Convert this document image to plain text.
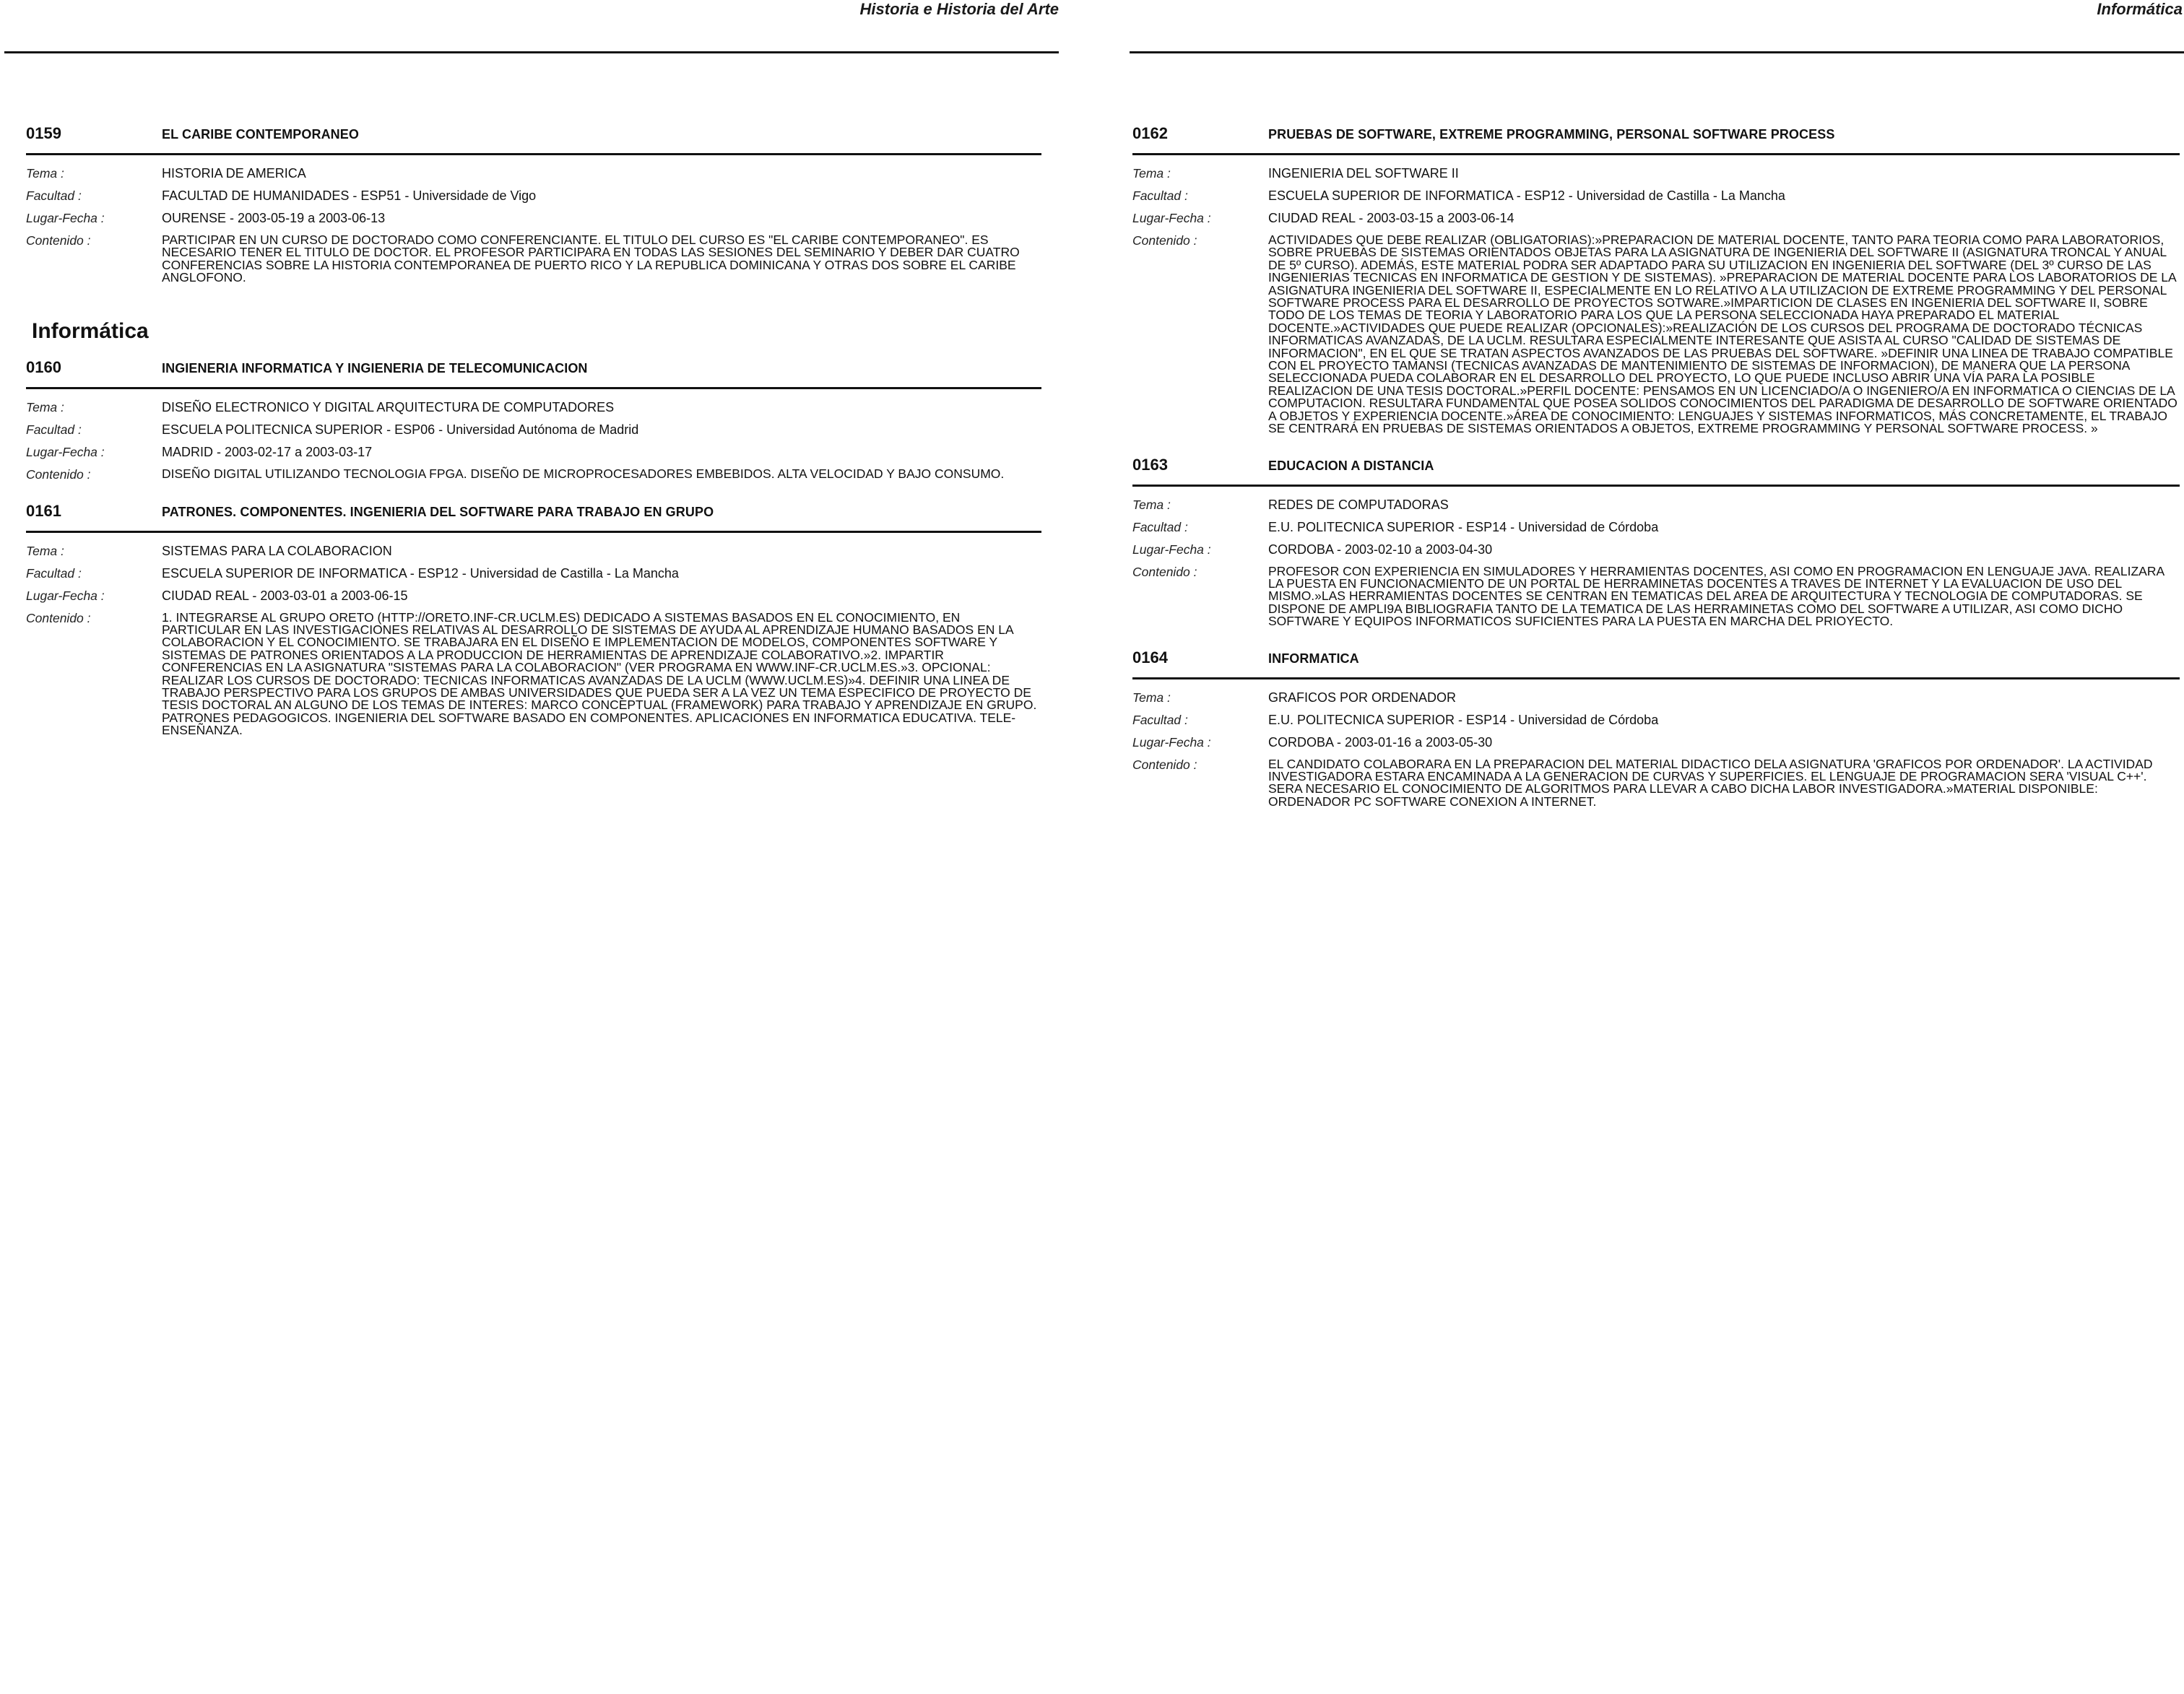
Historia e Historia del Arte
0159	EL CARIBE CONTEMPORANEO
Tema :	HISTORIA DE AMERICA
Facultad :	FACULTAD DE HUMANIDADES - ESP51 - Universidade de Vigo
Lugar-Fecha :	OURENSE - 2003-05-19 a 2003-06-13
Contenido :	PARTICIPAR EN UN CURSO DE DOCTORADO COMO CONFERENCIANTE. EL TITULO DEL CURSO ES "EL CARIBE CONTEMPORANEO". ES NECESARIO TENER EL TITULO DE DOCTOR. EL PROFESOR PARTICIPARA EN TODAS LAS SESIONES DEL SEMINARIO Y DEBER DAR CUATRO CONFERENCIAS SOBRE LA HISTORIA CONTEMPORANEA DE PUERTO RICO Y LA REPUBLICA DOMINICANA Y OTRAS DOS SOBRE EL CARIBE ANGLOFONO.
Informática
0160	INGIENERIA INFORMATICA Y INGIENERIA DE TELECOMUNICACION
Tema :	DISEÑO ELECTRONICO Y DIGITAL ARQUITECTURA DE COMPUTADORES
Facultad :	ESCUELA POLITECNICA SUPERIOR - ESP06 - Universidad Autónoma de Madrid
Lugar-Fecha :	MADRID - 2003-02-17 a 2003-03-17
Contenido :	DISEÑO DIGITAL UTILIZANDO TECNOLOGIA FPGA. DISEÑO DE MICROPROCESADORES EMBEBIDOS. ALTA VELOCIDAD Y BAJO CONSUMO.
0161	PATRONES. COMPONENTES. INGENIERIA DEL SOFTWARE PARA TRABAJO EN GRUPO
Tema :	SISTEMAS PARA LA COLABORACION
Facultad :	ESCUELA SUPERIOR DE INFORMATICA - ESP12 - Universidad de Castilla - La Mancha
Lugar-Fecha :	CIUDAD REAL - 2003-03-01 a 2003-06-15
Contenido :	1. INTEGRARSE AL GRUPO ORETO (HTTP://ORETO.INF-CR.UCLM.ES) DEDICADO A SISTEMAS BASADOS EN EL CONOCIMIENTO, EN PARTICULAR EN LAS INVESTIGACIONES RELATIVAS AL DESARROLLO DE SISTEMAS DE AYUDA AL APRENDIZAJE HUMANO BASADOS EN LA COLABORACION Y EL CONOCIMIENTO. SE TRABAJARA EN EL DISEÑO E IMPLEMENTACION DE MODELOS, COMPONENTES SOFTWARE Y SISTEMAS DE PATRONES ORIENTADOS A LA PRODUCCION DE HERRAMIENTAS DE APRENDIZAJE COLABORATIVO.»2. IMPARTIR CONFERENCIAS EN LA ASIGNATURA "SISTEMAS PARA LA COLABORACION" (VER PROGRAMA EN WWW.INF-CR.UCLM.ES.»3. OPCIONAL: REALIZAR LOS CURSOS DE DOCTORADO: TECNICAS INFORMATICAS AVANZADAS DE LA UCLM (WWW.UCLM.ES)»4. DEFINIR UNA LINEA DE TRABAJO PERSPECTIVO PARA LOS GRUPOS DE AMBAS UNIVERSIDADES QUE PUEDA SER A LA VEZ UN TEMA ESPECIFICO DE PROYECTO DE TESIS DOCTORAL AN ALGUNO DE LOS TEMAS DE INTERES: MARCO CONCEPTUAL (FRAMEWORK) PARA TRABAJO Y APRENDIZAJE EN GRUPO. PATRONES PEDAGOGICOS. INGENIERIA DEL SOFTWARE BASADO EN COMPONENTES. APLICACIONES EN INFORMATICA EDUCATIVA. TELE-ENSEÑANZA.
Informática
0162	PRUEBAS DE SOFTWARE, EXTREME PROGRAMMING, PERSONAL SOFTWARE PROCESS
Tema :	INGENIERIA DEL SOFTWARE II
Facultad :	ESCUELA SUPERIOR DE INFORMATICA - ESP12 - Universidad de Castilla - La Mancha
Lugar-Fecha :	CIUDAD REAL - 2003-03-15 a 2003-06-14
Contenido :	ACTIVIDADES QUE DEBE REALIZAR (OBLIGATORIAS):»PREPARACION DE MATERIAL DOCENTE, TANTO PARA TEORIA COMO PARA LABORATORIOS, SOBRE PRUEBAS DE SISTEMAS ORIENTADOS OBJETAS PARA LA ASIGNATURA DE INGENIERIA DEL SOFTWARE II (ASIGNATURA TRONCAL Y ANUAL DE 5º CURSO). ADEMÁS, ESTE MATERIAL PODRA SER ADAPTADO PARA SU UTILIZACION EN INGENIERIA DEL SOFTWARE (DEL 3º CURSO DE LAS INGENIERIAS TECNICAS EN INFORMATICA DE GESTION Y DE SISTEMAS). »PREPARACION DE MATERIAL DOCENTE PARA LOS LABORATORIOS DE LA ASIGNATURA INGENIERIA DEL SOFTWARE II, ESPECIALMENTE EN LO RELATIVO A LA UTILIZACION DE EXTREME PROGRAMMING Y DEL PERSONAL SOFTWARE PROCESS PARA EL DESARROLLO DE PROYECTOS SOTWARE.»IMPARTICION DE CLASES EN INGENIERIA DEL SOFTWARE II, SOBRE TODO DE LOS TEMAS DE TEORIA Y LABORATORIO PARA LOS QUE LA PERSONA SELECCIONADA HAYA PREPARADO EL MATERIAL DOCENTE.»ACTIVIDADES QUE PUEDE REALIZAR (OPCIONALES):»REALIZACIÓN DE LOS CURSOS DEL PROGRAMA DE DOCTORADO TÉCNICAS INFORMATICAS AVANZADAS, DE LA UCLM. RESULTARA ESPECIALMENTE INTERESANTE QUE ASISTA AL CURSO "CALIDAD DE SISTEMAS DE INFORMACION", EN EL QUE SE TRATAN ASPECTOS AVANZADOS DE LAS PRUEBAS DEL SOFTWARE. »DEFINIR UNA LINEA DE TRABAJO COMPATIBLE CON EL PROYECTO TAMANSI (TECNICAS AVANZADAS DE MANTENIMIENTO DE SISTEMAS DE INFORMACION), DE MANERA QUE LA PERSONA SELECCIONADA PUEDA COLABORAR EN EL DESARROLLO DEL PROYECTO, LO QUE PUEDE INCLUSO ABRIR UNA VÍA PARA LA POSIBLE REALIZACION DE UNA TESIS DOCTORAL.»PERFIL DOCENTE: PENSAMOS EN UN LICENCIADO/A O INGENIERO/A EN INFORMATICA O CIENCIAS DE LA COMPUTACION. RESULTARA FUNDAMENTAL QUE POSEA SOLIDOS CONOCIMIENTOS DEL PARADIGMA DE DESARROLLO DE SOFTWARE ORIENTADO A OBJETOS Y EXPERIENCIA DOCENTE.»ÁREA DE CONOCIMIENTO: LENGUAJES Y SISTEMAS INFORMATICOS, MÁS CONCRETAMENTE, EL TRABAJO SE CENTRARÁ EN PRUEBAS DE SISTEMAS ORIENTADOS A OBJETOS, EXTREME PROGRAMMING Y PERSONAL SOFTWARE PROCESS. »
0163	EDUCACION A DISTANCIA
Tema :	REDES DE COMPUTADORAS
Facultad :	E.U. POLITECNICA SUPERIOR - ESP14 - Universidad de Córdoba
Lugar-Fecha :	CORDOBA - 2003-02-10 a 2003-04-30
Contenido :	PROFESOR CON EXPERIENCIA EN SIMULADORES Y HERRAMIENTAS DOCENTES, ASI COMO EN PROGRAMACION EN LENGUAJE JAVA. REALIZARA LA PUESTA EN FUNCIONACMIENTO DE UN PORTAL DE HERRAMINETAS DOCENTES A TRAVES DE INTERNET Y LA EVALUACION DE USO DEL MISMO.»LAS HERRAMIENTAS DOCENTES SE CENTRAN EN TEMATICAS DEL AREA DE ARQUITECTURA Y TECNOLOGIA DE COMPUTADORAS. SE DISPONE DE AMPLI9A BIBLIOGRAFIA TANTO DE LA TEMATICA DE LAS HERRAMINETAS COMO DEL SOFTWARE A UTILIZAR, ASI COMO DICHO SOFTWARE Y EQUIPOS INFORMATICOS SUFICIENTES PARA LA PUESTA EN MARCHA DEL PRIOYECTO.
0164	INFORMATICA
Tema :	GRAFICOS POR ORDENADOR
Facultad :	E.U. POLITECNICA SUPERIOR - ESP14 - Universidad de Córdoba
Lugar-Fecha :	CORDOBA - 2003-01-16 a 2003-05-30
Contenido :	EL CANDIDATO COLABORARA EN LA PREPARACION DEL MATERIAL DIDACTICO DELA ASIGNATURA 'GRAFICOS POR ORDENADOR'. LA ACTIVIDAD INVESTIGADORA ESTARA ENCAMINADA A LA GENERACION DE CURVAS Y SUPERFICIES. EL LENGUAJE DE PROGRAMACION SERA 'VISUAL C++'. SERA NECESARIO EL CONOCIMIENTO DE ALGORITMOS PARA LLEVAR A CABO DICHA LABOR INVESTIGADORA.»MATERIAL DISPONIBLE: ORDENADOR PC SOFTWARE CONEXION A INTERNET.
